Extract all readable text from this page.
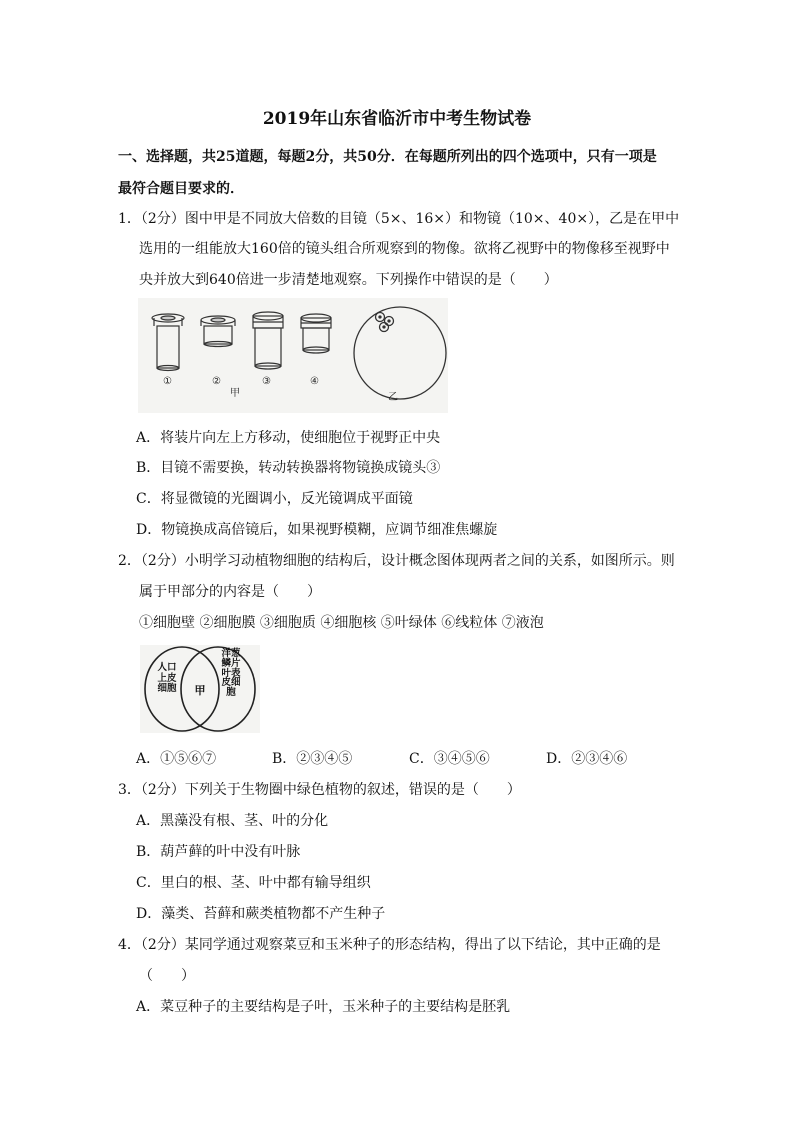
2019年山东省临沂市中考生物试卷
一、选择题，共25道题，每题2分，共50分．在每题所列出的四个选项中，只有一项是
最符合题目要求的．
1．（2分）图中甲是不同放大倍数的目镜（5×、16×）和物镜（10×、40×），乙是在甲中
选用的一组能放大160倍的镜头组合所观察到的物像。欲将乙视野中的物像移至视野中
央并放大到640倍进一步清楚地观察。下列操作中错误的是（　　）
①	②	③	④
甲	乙
A．将装片向左上方移动，使细胞位于视野正中央
B．目镜不需要换，转动转换器将物镜换成镜头③
C．将显微镜的光圈调小，反光镜调成平面镜
D．物镜换成高倍镜后，如果视野模糊，应调节细准焦螺旋
2．（2分）小明学习动植物细胞的结构后，设计概念图体现两者之间的关系，如图所示。则
属于甲部分的内容是（　　）
①细胞壁 ②细胞膜 ③细胞质 ④细胞核 ⑤叶绿体 ⑥线粒体 ⑦液泡
人口上皮细胞	甲
洋葱鳞片叶表皮细胞
A．①⑤⑥⑦	B．②③④⑤	C．③④⑤⑥	D．②③④⑥
3．（2分）下列关于生物圈中绿色植物的叙述，错误的是（　　）
A．黑藻没有根、茎、叶的分化
B．葫芦藓的叶中没有叶脉
C．里白的根、茎、叶中都有输导组织
D．藻类、苔藓和蕨类植物都不产生种子
4．（2分）某同学通过观察菜豆和玉米种子的形态结构，得出了以下结论，其中正确的是
（　　）
A．菜豆种子的主要结构是子叶，玉米种子的主要结构是胚乳
